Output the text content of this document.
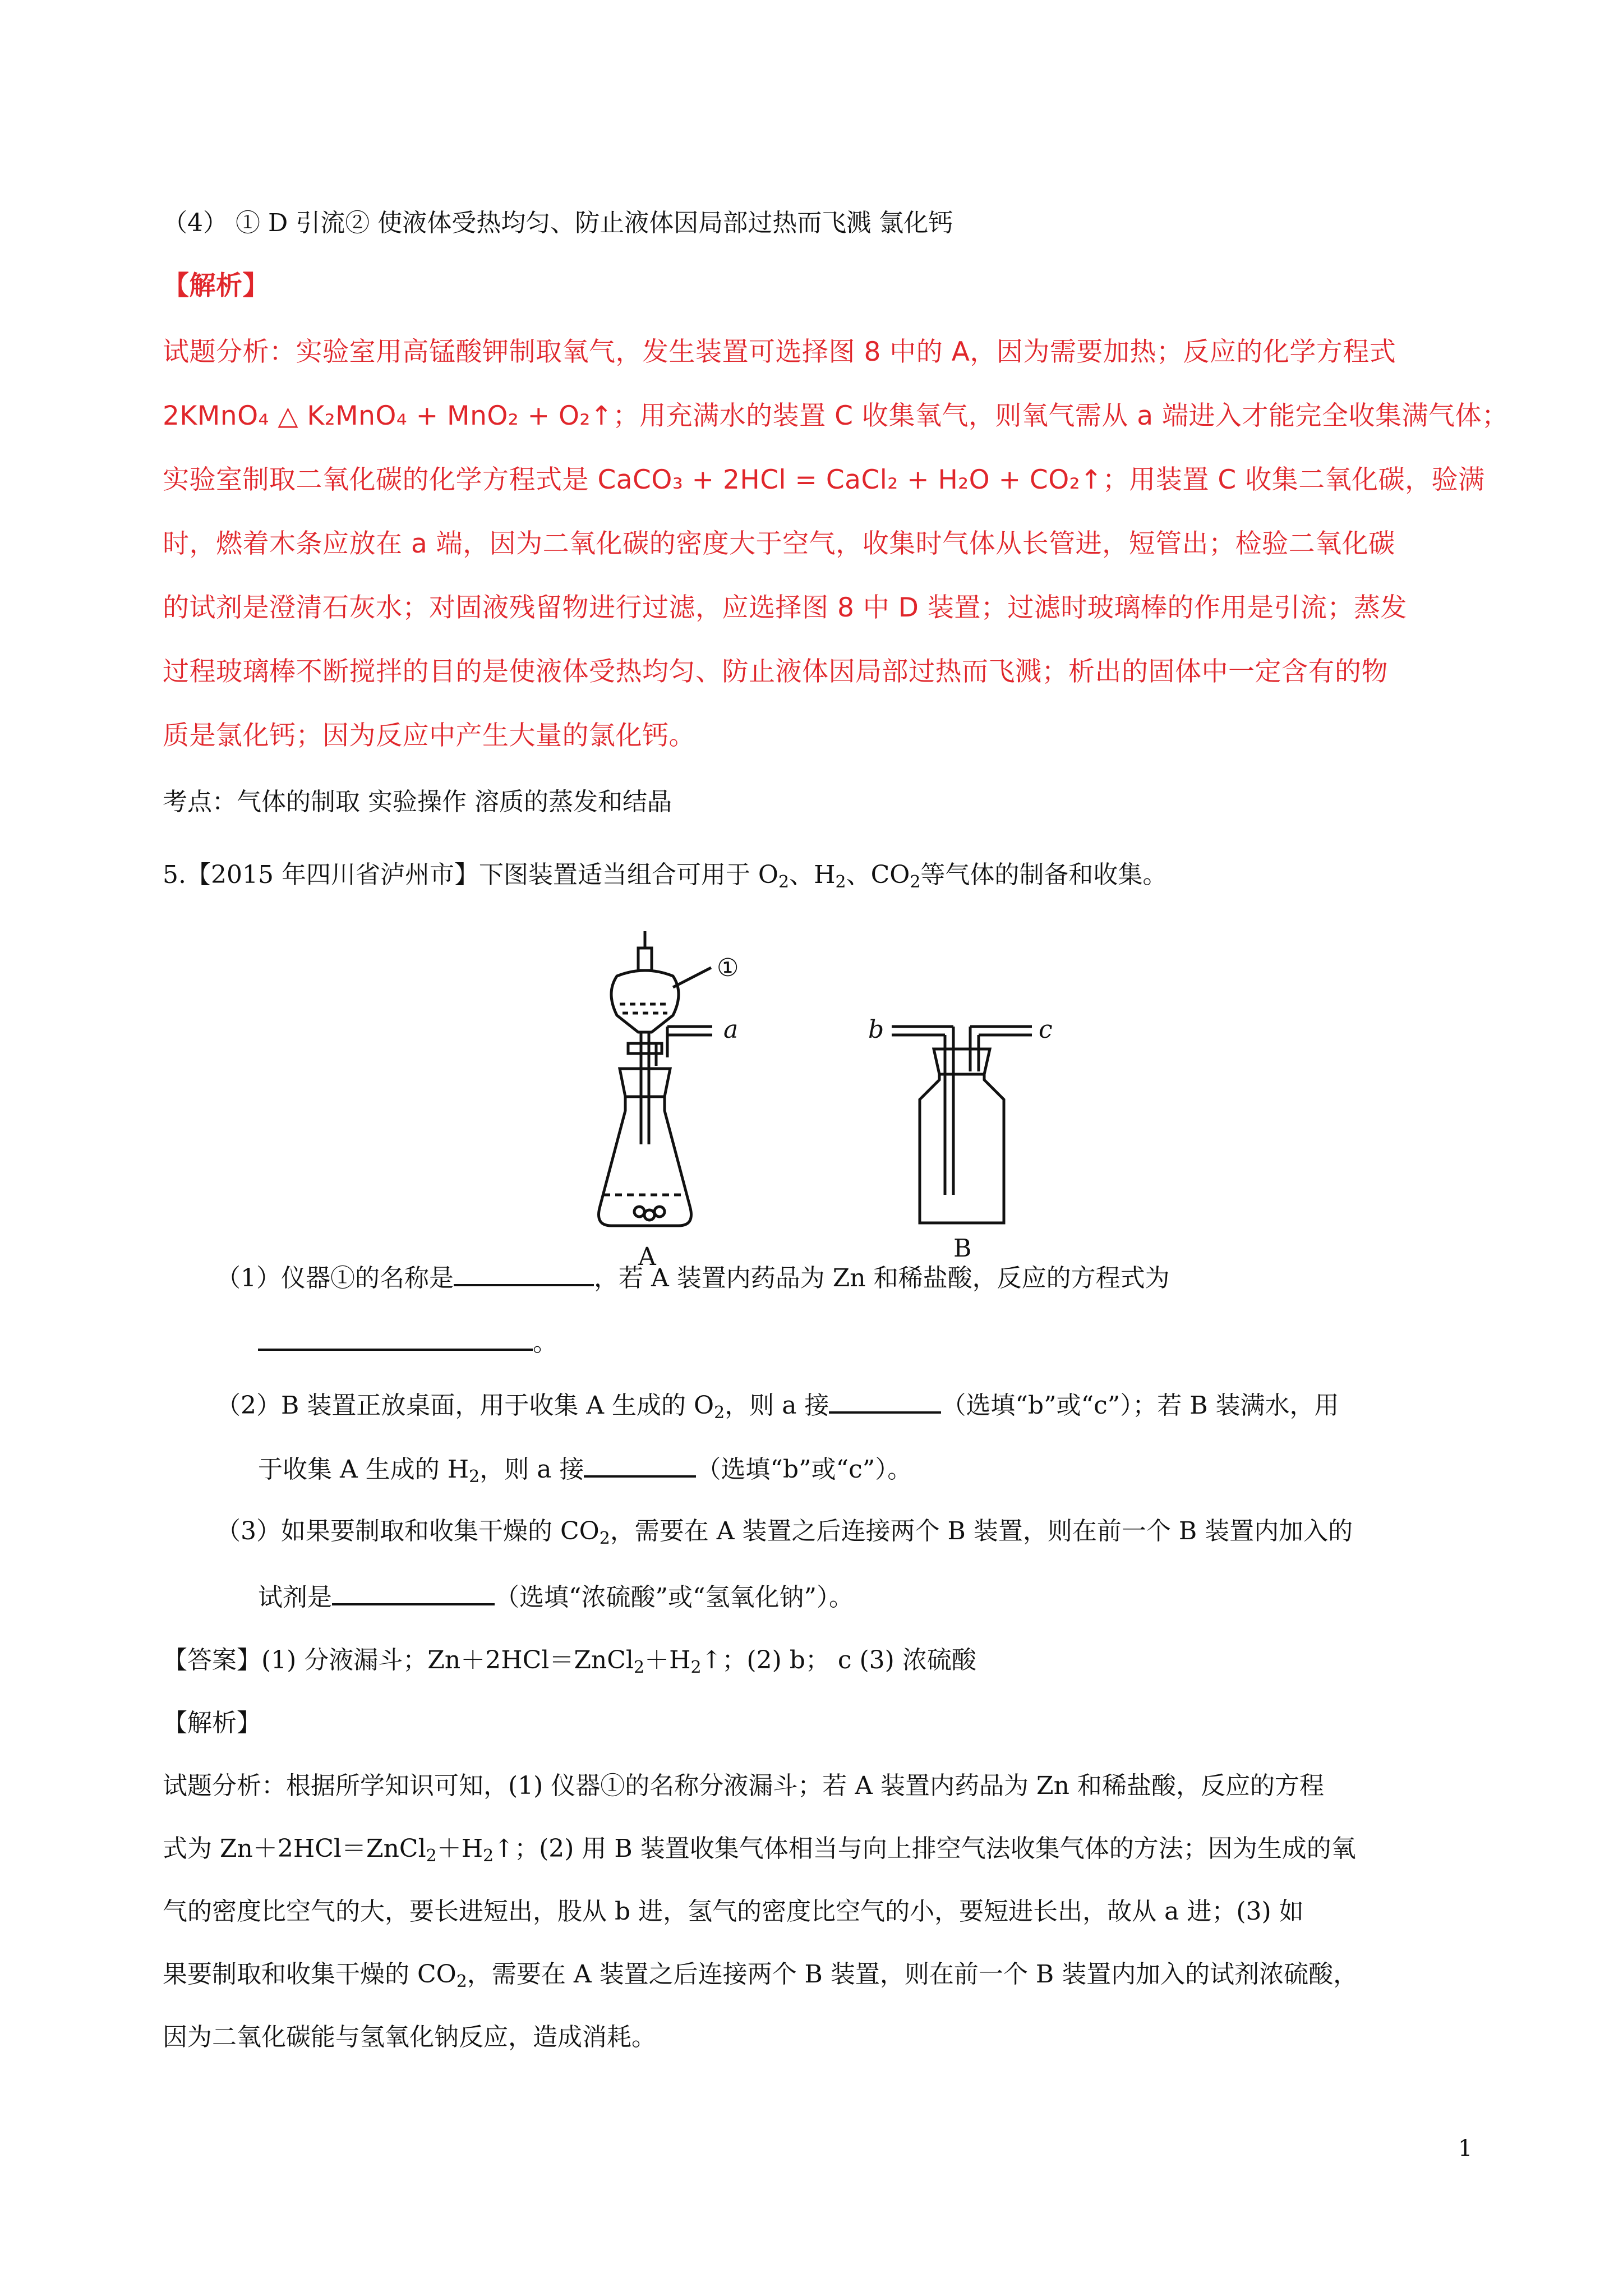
（4） ① D 引流② 使液体受热均匀、防止液体因局部过热而飞溅 氯化钙
【解析】
试题分析：实验室用高锰酸钾制取氧气，发生装置可选择图 8 中的 A，因为需要加热；反应的化学方程式
2KMnO₄ △ K₂MnO₄ + MnO₂ + O₂↑；用充满水的装置 C 收集氧气，则氧气需从 a 端进入才能完全收集满气体；
实验室制取二氧化碳的化学方程式是 CaCO₃ + 2HCl = CaCl₂ + H₂O + CO₂↑；用装置 C 收集二氧化碳，验满
时，燃着木条应放在 a 端，因为二氧化碳的密度大于空气，收集时气体从长管进，短管出；检验二氧化碳
的试剂是澄清石灰水；对固液残留物进行过滤，应选择图 8 中 D 装置；过滤时玻璃棒的作用是引流；蒸发
过程玻璃棒不断搅拌的目的是使液体受热均匀、防止液体因局部过热而飞溅；析出的固体中一定含有的物
质是氯化钙；因为反应中产生大量的氯化钙。
考点：气体的制取 实验操作 溶质的蒸发和结晶
5.【2015 年四川省泸州市】下图装置适当组合可用于 $O_2$、$H_2$、$CO_2$等气体的制备和收集。
①
a	b	c
A	B
（1）仪器①的名称是	，若 A 装置内药品为 Zn 和稀盐酸，反应的方程式为
。
（2）B 装置正放桌面，用于收集 A 生成的 $O_2$，则 a 接	（选填“b”或“c”）；若 B 装满水，用
于收集 A 生成的 $H_2$，则 a 接	（选填“b”或“c”）。
（3）如果要制取和收集干燥的 $CO_2$，需要在 A 装置之后连接两个 B 装置，则在前一个 B 装置内加入的
试剂是	（选填“浓硫酸”或“氢氧化钠”）。
【答案】(1) 分液漏斗；$Zn+2HCl=ZnCl_2+H_2↑$；(2) b； c (3) 浓硫酸
【解析】
试题分析：根据所学知识可知，(1) 仪器①的名称分液漏斗；若 A 装置内药品为 Zn 和稀盐酸，反应的方程
式为 $Zn+2HCl=ZnCl_2+H_2↑$；(2) 用 B 装置收集气体相当与向上排空气法收集气体的方法；因为生成的氧
气的密度比空气的大，要长进短出，股从 b 进，氢气的密度比空气的小，要短进长出，故从 a 进；(3) 如
果要制取和收集干燥的 $CO_2$，需要在 A 装置之后连接两个 B 装置，则在前一个 B 装置内加入的试剂浓硫酸，
因为二氧化碳能与氢氧化钠反应，造成消耗。
1
